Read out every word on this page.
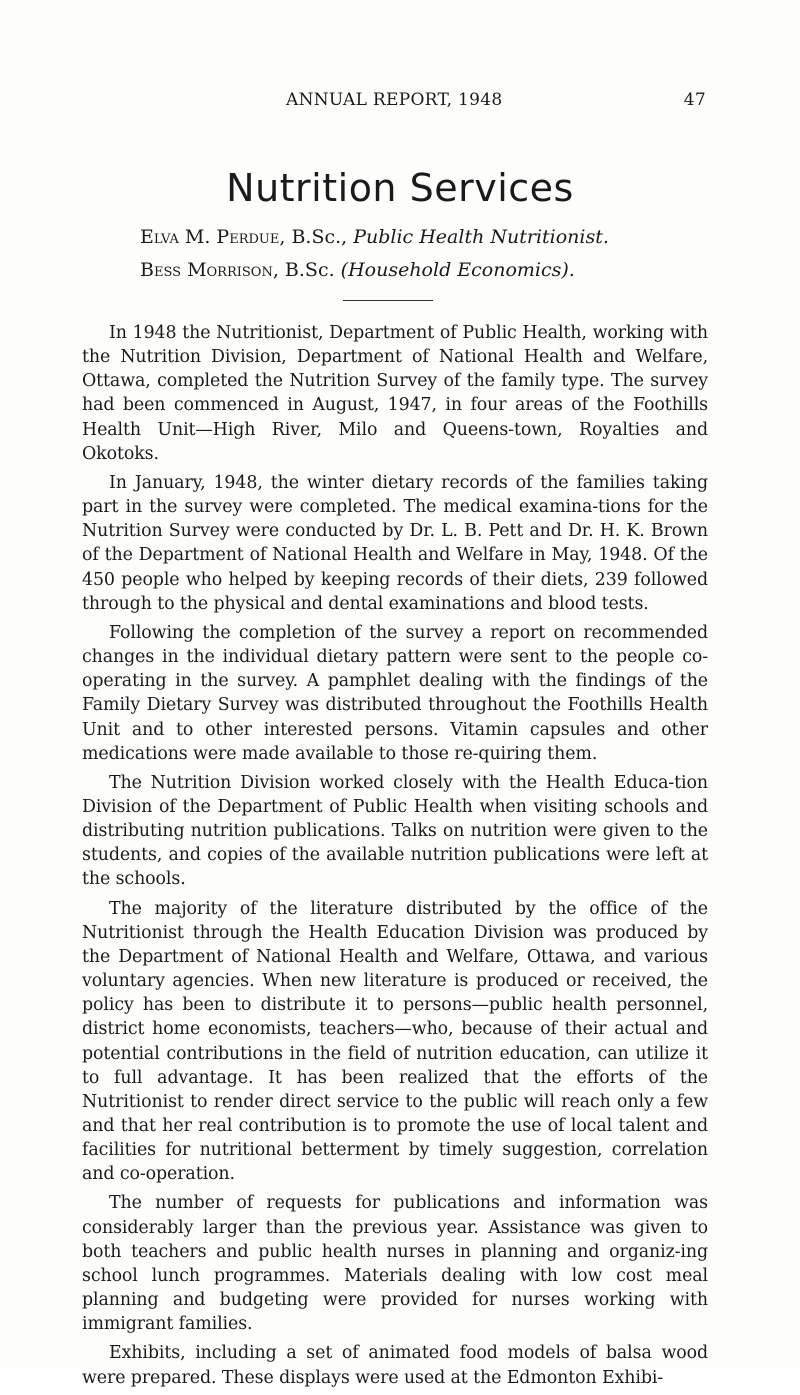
ANNUAL REPORT, 1948	47
Nutrition Services
Elva M. Perdue, B.Sc., Public Health Nutritionist.
Bess Morrison, B.Sc. (Household Economics).

In 1948 the Nutritionist, Department of Public Health, working with the Nutrition Division, Department of National Health and Welfare, Ottawa, completed the Nutrition Survey of the family type. The survey had been commenced in August, 1947, in four areas of the Foothills Health Unit—High River, Milo and Queens-town, Royalties and Okotoks.

In January, 1948, the winter dietary records of the families taking part in the survey were completed. The medical examina-tions for the Nutrition Survey were conducted by Dr. L. B. Pett and Dr. H. K. Brown of the Department of National Health and Welfare in May, 1948. Of the 450 people who helped by keeping records of their diets, 239 followed through to the physical and dental examinations and blood tests.

Following the completion of the survey a report on recommended changes in the individual dietary pattern were sent to the people co-operating in the survey. A pamphlet dealing with the findings of the Family Dietary Survey was distributed throughout the Foothills Health Unit and to other interested persons. Vitamin capsules and other medications were made available to those re-quiring them.

The Nutrition Division worked closely with the Health Educa-tion Division of the Department of Public Health when visiting schools and distributing nutrition publications. Talks on nutrition were given to the students, and copies of the available nutrition publications were left at the schools.

The majority of the literature distributed by the office of the Nutritionist through the Health Education Division was produced by the Department of National Health and Welfare, Ottawa, and various voluntary agencies. When new literature is produced or received, the policy has been to distribute it to persons—public health personnel, district home economists, teachers—who, because of their actual and potential contributions in the field of nutrition education, can utilize it to full advantage. It has been realized that the efforts of the Nutritionist to render direct service to the public will reach only a few and that her real contribution is to promote the use of local talent and facilities for nutritional betterment by timely suggestion, correlation and co-operation.

The number of requests for publications and information was considerably larger than the previous year. Assistance was given to both teachers and public health nurses in planning and organiz-ing school lunch programmes. Materials dealing with low cost meal planning and budgeting were provided for nurses working with immigrant families.

Exhibits, including a set of animated food models of balsa wood were prepared. These displays were used at the Edmonton Exhibi-
